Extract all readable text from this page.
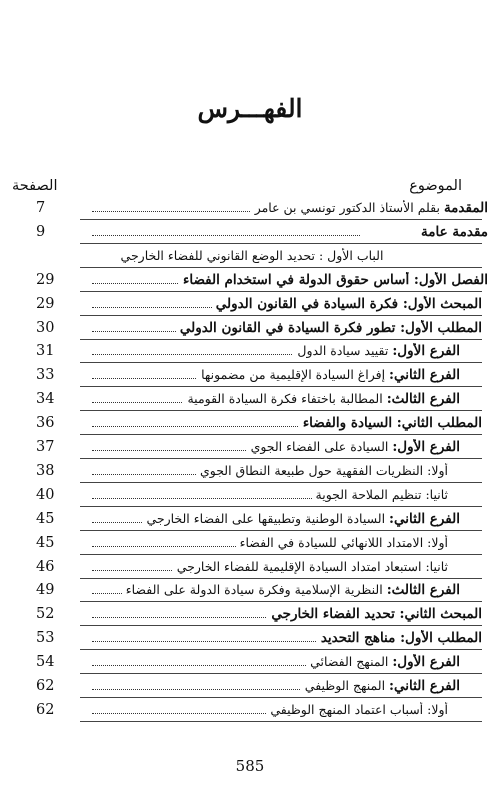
الفهـــرس
الموضوع
الصفحة
المقدمة بقلم الأستاذ الدكتور تونسي بن عامر
7
مقدمة عامة
9
الباب الأول : تحديد الوضع القانوني للفضاء الخارجي
الفصل الأول: أساس حقوق الدولة في استخدام الفضاء
29
المبحث الأول: فكرة السيادة في القانون الدولي
29
المطلب الأول: تطور فكرة السيادة في القانون الدولي
30
الفرع الأول: تقييد سيادة الدول
31
الفرع الثاني: إفراغ السيادة الإقليمية من مضمونها
33
الفرع الثالث: المطالبة باختفاء فكرة السيادة القومية
34
المطلب الثاني: السيادة والفضاء
36
الفرع الأول: السيادة على الفضاء الجوي
37
أولا: النظريات الفقهية حول طبيعة النطاق الجوي
38
ثانيا: تنظيم الملاحة الجوية
40
الفرع الثاني: السيادة الوطنية وتطبيقها على الفضاء الخارجي
45
أولا: الامتداد اللانهائي للسيادة في الفضاء
45
ثانيا: استبعاد امتداد السيادة الإقليمية للفضاء الخارجي
46
الفرع الثالث: النظرية الإسلامية وفكرة سيادة الدولة على الفضاء
49
المبحث الثاني: تحديد الفضاء الخارجي
52
المطلب الأول: مناهج التحديد
53
الفرع الأول: المنهج الفضائي
54
الفرع الثاني: المنهج الوظيفي
62
أولا: أسباب اعتماد المنهج الوظيفي
62
585
